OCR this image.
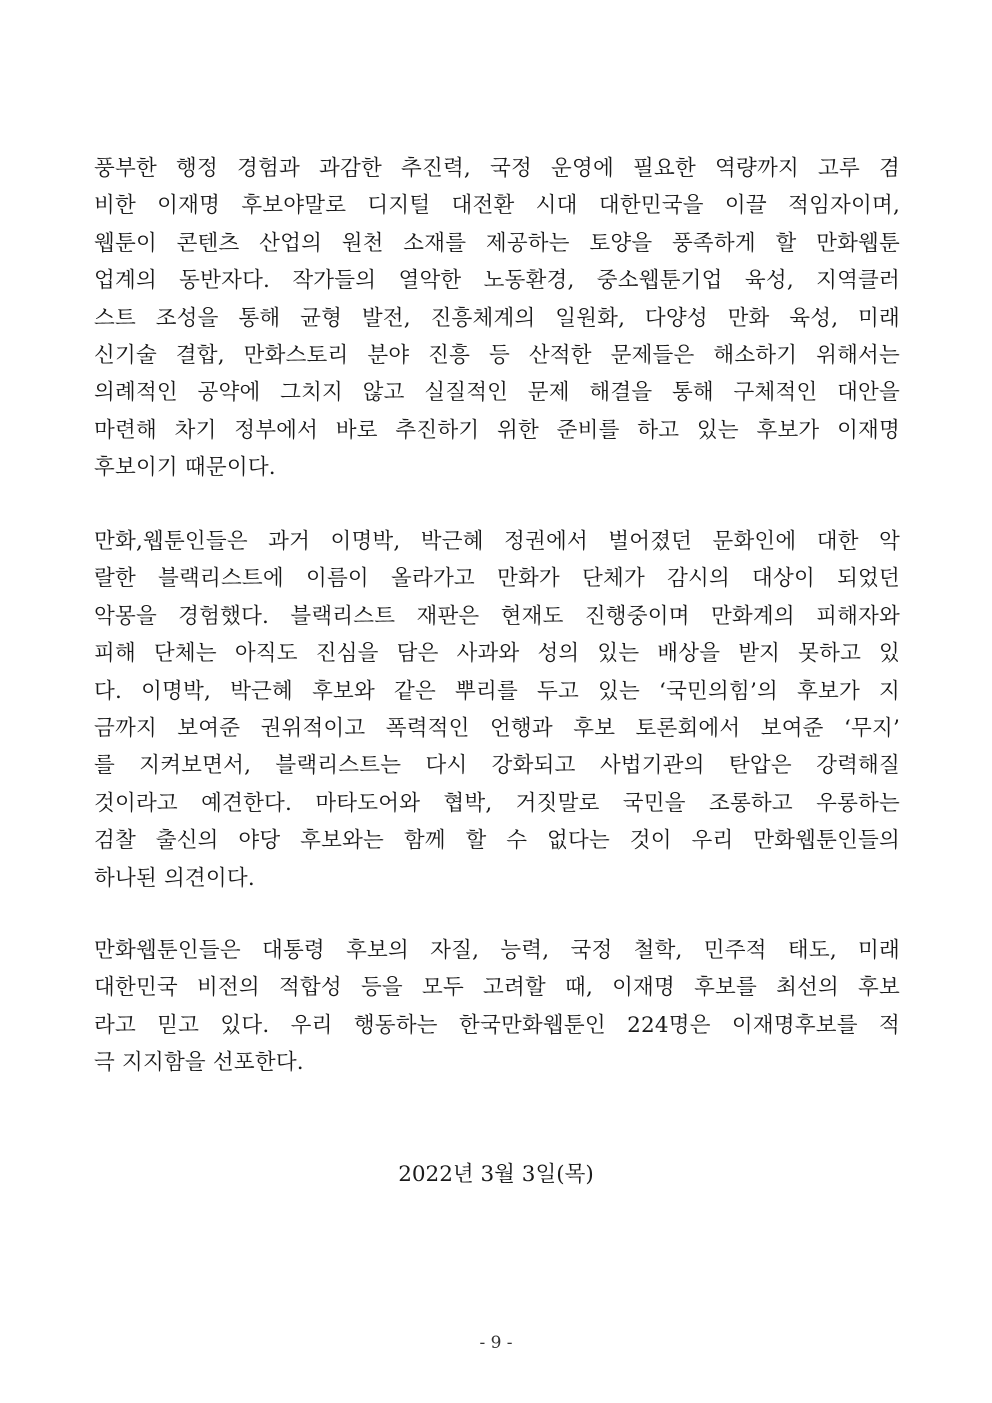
풍부한 행정 경험과 과감한 추진력, 국정 운영에 필요한 역량까지 고루 겸
비한 이재명 후보야말로 디지털 대전환 시대 대한민국을 이끌 적임자이며,
웹툰이 콘텐츠 산업의 원천 소재를 제공하는 토양을 풍족하게 할 만화웹툰
업계의 동반자다. 작가들의 열악한 노동환경, 중소웹툰기업 육성, 지역클러
스트 조성을 통해 균형 발전, 진흥체계의 일원화, 다양성 만화 육성, 미래
신기술 결합, 만화스토리 분야 진흥 등 산적한 문제들은 해소하기 위해서는
의례적인 공약에 그치지 않고 실질적인 문제 해결을 통해 구체적인 대안을
마련해 차기 정부에서 바로 추진하기 위한 준비를 하고 있는 후보가 이재명
후보이기 때문이다.
만화,웹툰인들은 과거 이명박, 박근혜 정권에서 벌어졌던 문화인에 대한 악
랄한 블랙리스트에 이름이 올라가고 만화가 단체가 감시의 대상이 되었던
악몽을 경험했다. 블랙리스트 재판은 현재도 진행중이며 만화계의 피해자와
피해 단체는 아직도 진심을 담은 사과와 성의 있는 배상을 받지 못하고 있
다. 이명박, 박근혜 후보와 같은 뿌리를 두고 있는 ‘국민의힘’의 후보가 지
금까지 보여준 권위적이고 폭력적인 언행과 후보 토론회에서 보여준 ‘무지’
를 지켜보면서, 블랙리스트는 다시 강화되고 사법기관의 탄압은 강력해질
것이라고 예견한다. 마타도어와 협박, 거짓말로 국민을 조롱하고 우롱하는
검찰 출신의 야당 후보와는 함께 할 수 없다는 것이 우리 만화웹툰인들의
하나된 의견이다.
만화웹툰인들은 대통령 후보의 자질, 능력, 국정 철학, 민주적 태도, 미래
대한민국 비전의 적합성 등을 모두 고려할 때, 이재명 후보를 최선의 후보
라고 믿고 있다. 우리 행동하는 한국만화웹툰인 224명은 이재명후보를 적
극 지지함을 선포한다.
2022년 3월 3일(목)
- 9 -
